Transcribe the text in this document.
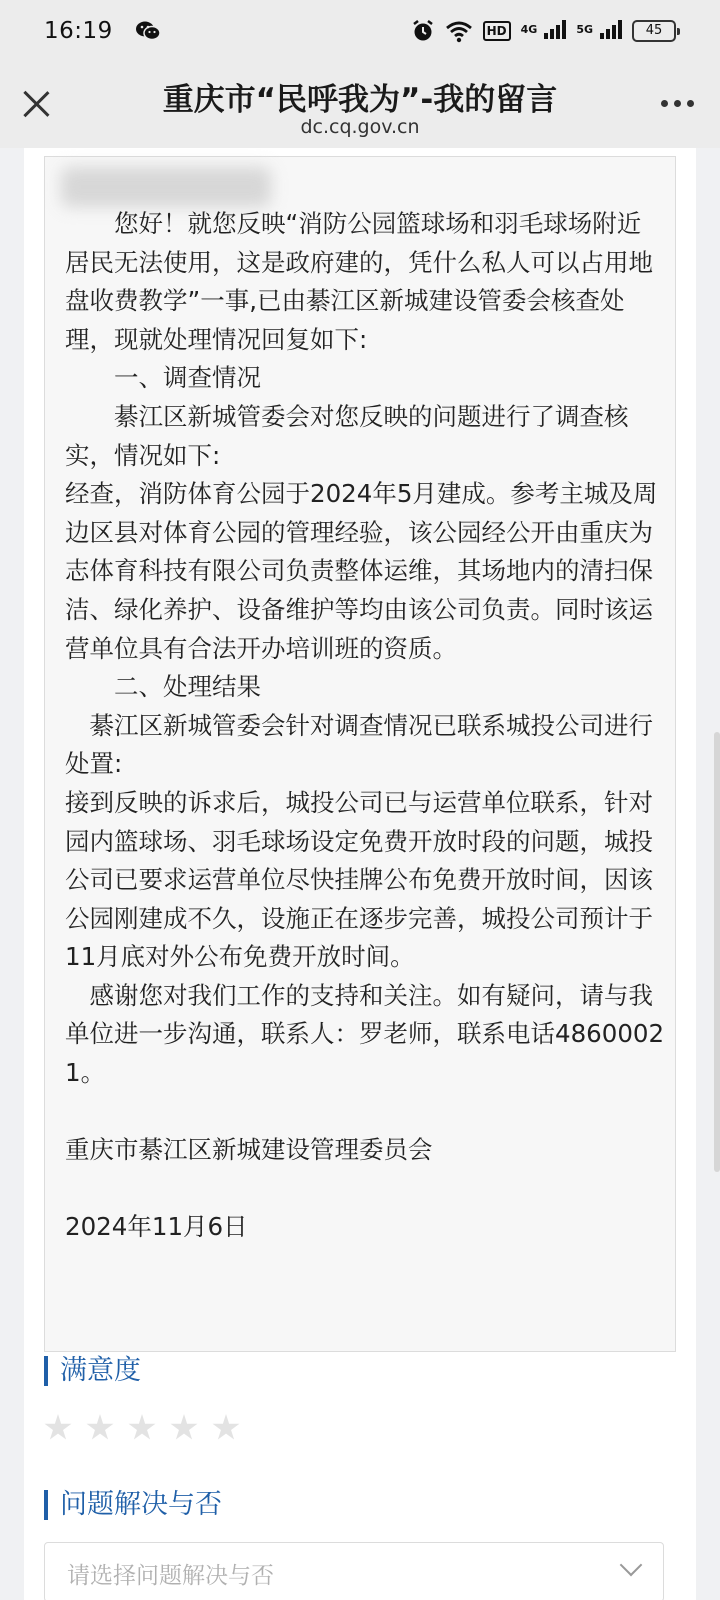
16:19	HD	$^{4G}$	$^{5G}$	45
重庆市“民呼我为”-我的留言
dc.cq.gov.cn
　　您好！就您反映“消防公园篮球场和羽毛球场附近居民无法使用，这是政府建的，凭什么私人可以占用地盘收费教学”一事,已由綦江区新城建设管委会核查处理，现就处理情况回复如下:
　　一、调查情况
　　綦江区新城管委会对您反映的问题进行了调查核实，情况如下:
经查，消防体育公园于2024年5月建成。参考主城及周边区县对体育公园的管理经验，该公园经公开由重庆为志体育科技有限公司负责整体运维，其场地内的清扫保洁、绿化养护、设备维护等均由该公司负责。同时该运营单位具有合法开办培训班的资质。
　　二、处理结果
　綦江区新城管委会针对调查情况已联系城投公司进行处置:
接到反映的诉求后，城投公司已与运营单位联系，针对园内篮球场、羽毛球场设定免费开放时段的问题，城投公司已要求运营单位尽快挂牌公布免费开放时间，因该公园刚建成不久，设施正在逐步完善，城投公司预计于11月底对外公布免费开放时间。
　感谢您对我们工作的支持和关注。如有疑问，请与我单位进一步沟通，联系人：罗老师，联系电话48600021。

重庆市綦江区新城建设管理委员会

2024年11月6日
满意度
问题解决与否
请选择问题解决与否
